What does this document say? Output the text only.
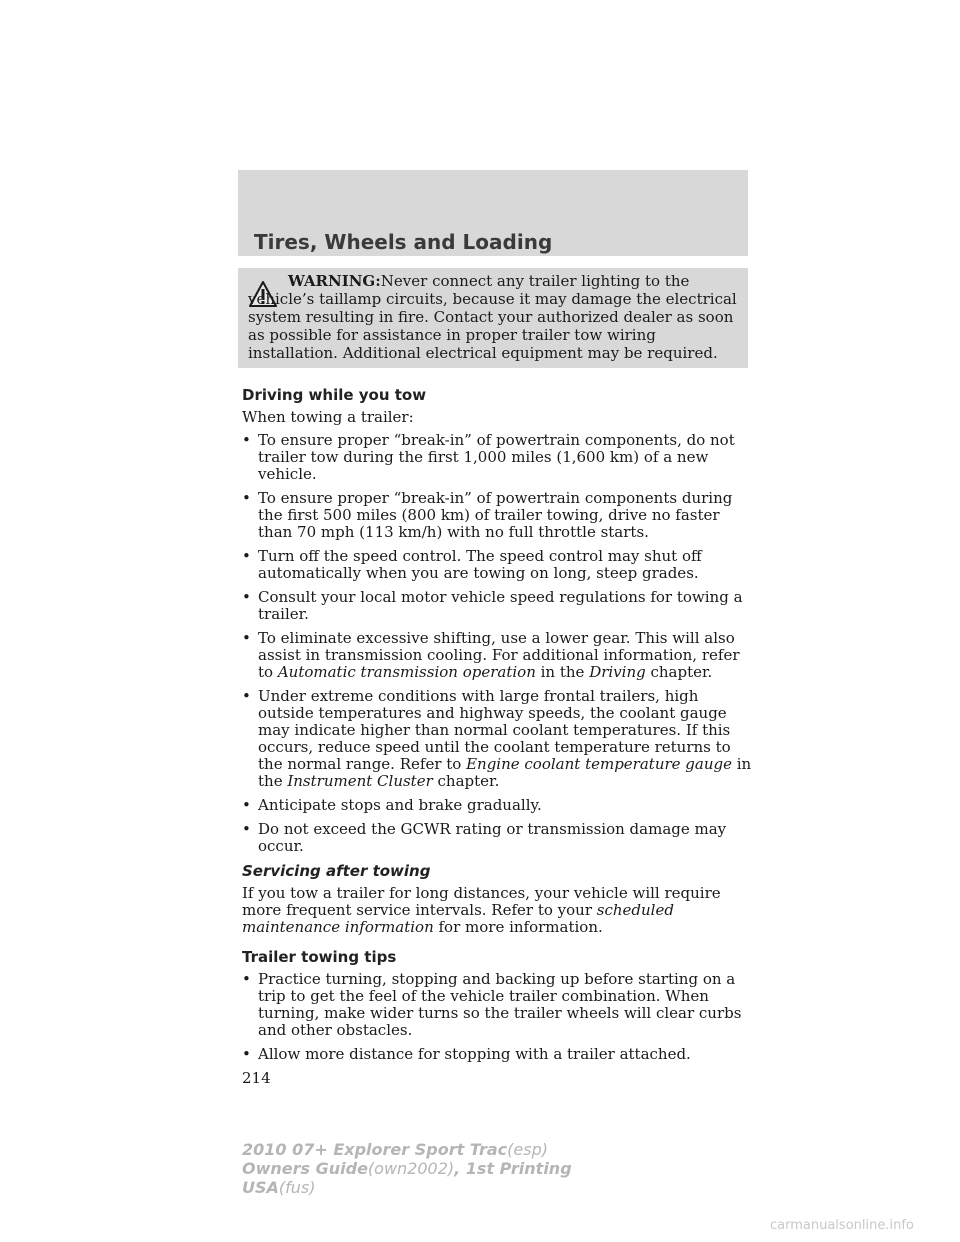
Tires, Wheels and Loading

WARNING:Never connect any trailer lighting to the vehicle’s taillamp circuits, because it may damage the electrical system resulting in fire. Contact your authorized dealer as soon as possible for assistance in proper trailer tow wiring installation. Additional electrical equipment may be required.

Driving while you tow

When towing a trailer:

• To ensure proper “break-in” of powertrain components, do not trailer tow during the first 1,000 miles (1,600 km) of a new vehicle.
• To ensure proper “break-in” of powertrain components during the first 500 miles (800 km) of trailer towing, drive no faster than 70 mph (113 km/h) with no full throttle starts.
• Turn off the speed control. The speed control may shut off automatically when you are towing on long, steep grades.
• Consult your local motor vehicle speed regulations for towing a trailer.
• To eliminate excessive shifting, use a lower gear. This will also assist in transmission cooling. For additional information, refer to Automatic transmission operation in the Driving chapter.
• Under extreme conditions with large frontal trailers, high outside temperatures and highway speeds, the coolant gauge may indicate higher than normal coolant temperatures. If this occurs, reduce speed until the coolant temperature returns to the normal range. Refer to Engine coolant temperature gauge in the Instrument Cluster chapter.
• Anticipate stops and brake gradually.
• Do not exceed the GCWR rating or transmission damage may occur.
Servicing after towing

If you tow a trailer for long distances, your vehicle will require more frequent service intervals. Refer to your scheduled maintenance information for more information.

Trailer towing tips
• Practice turning, stopping and backing up before starting on a trip to get the feel of the vehicle trailer combination. When turning, make wider turns so the trailer wheels will clear curbs and other obstacles.
• Allow more distance for stopping with a trailer attached.

214

2010 07+ Explorer Sport Trac(esp)
Owners Guide(own2002), 1st Printing
USA(fus)
carmanualsonline.info
